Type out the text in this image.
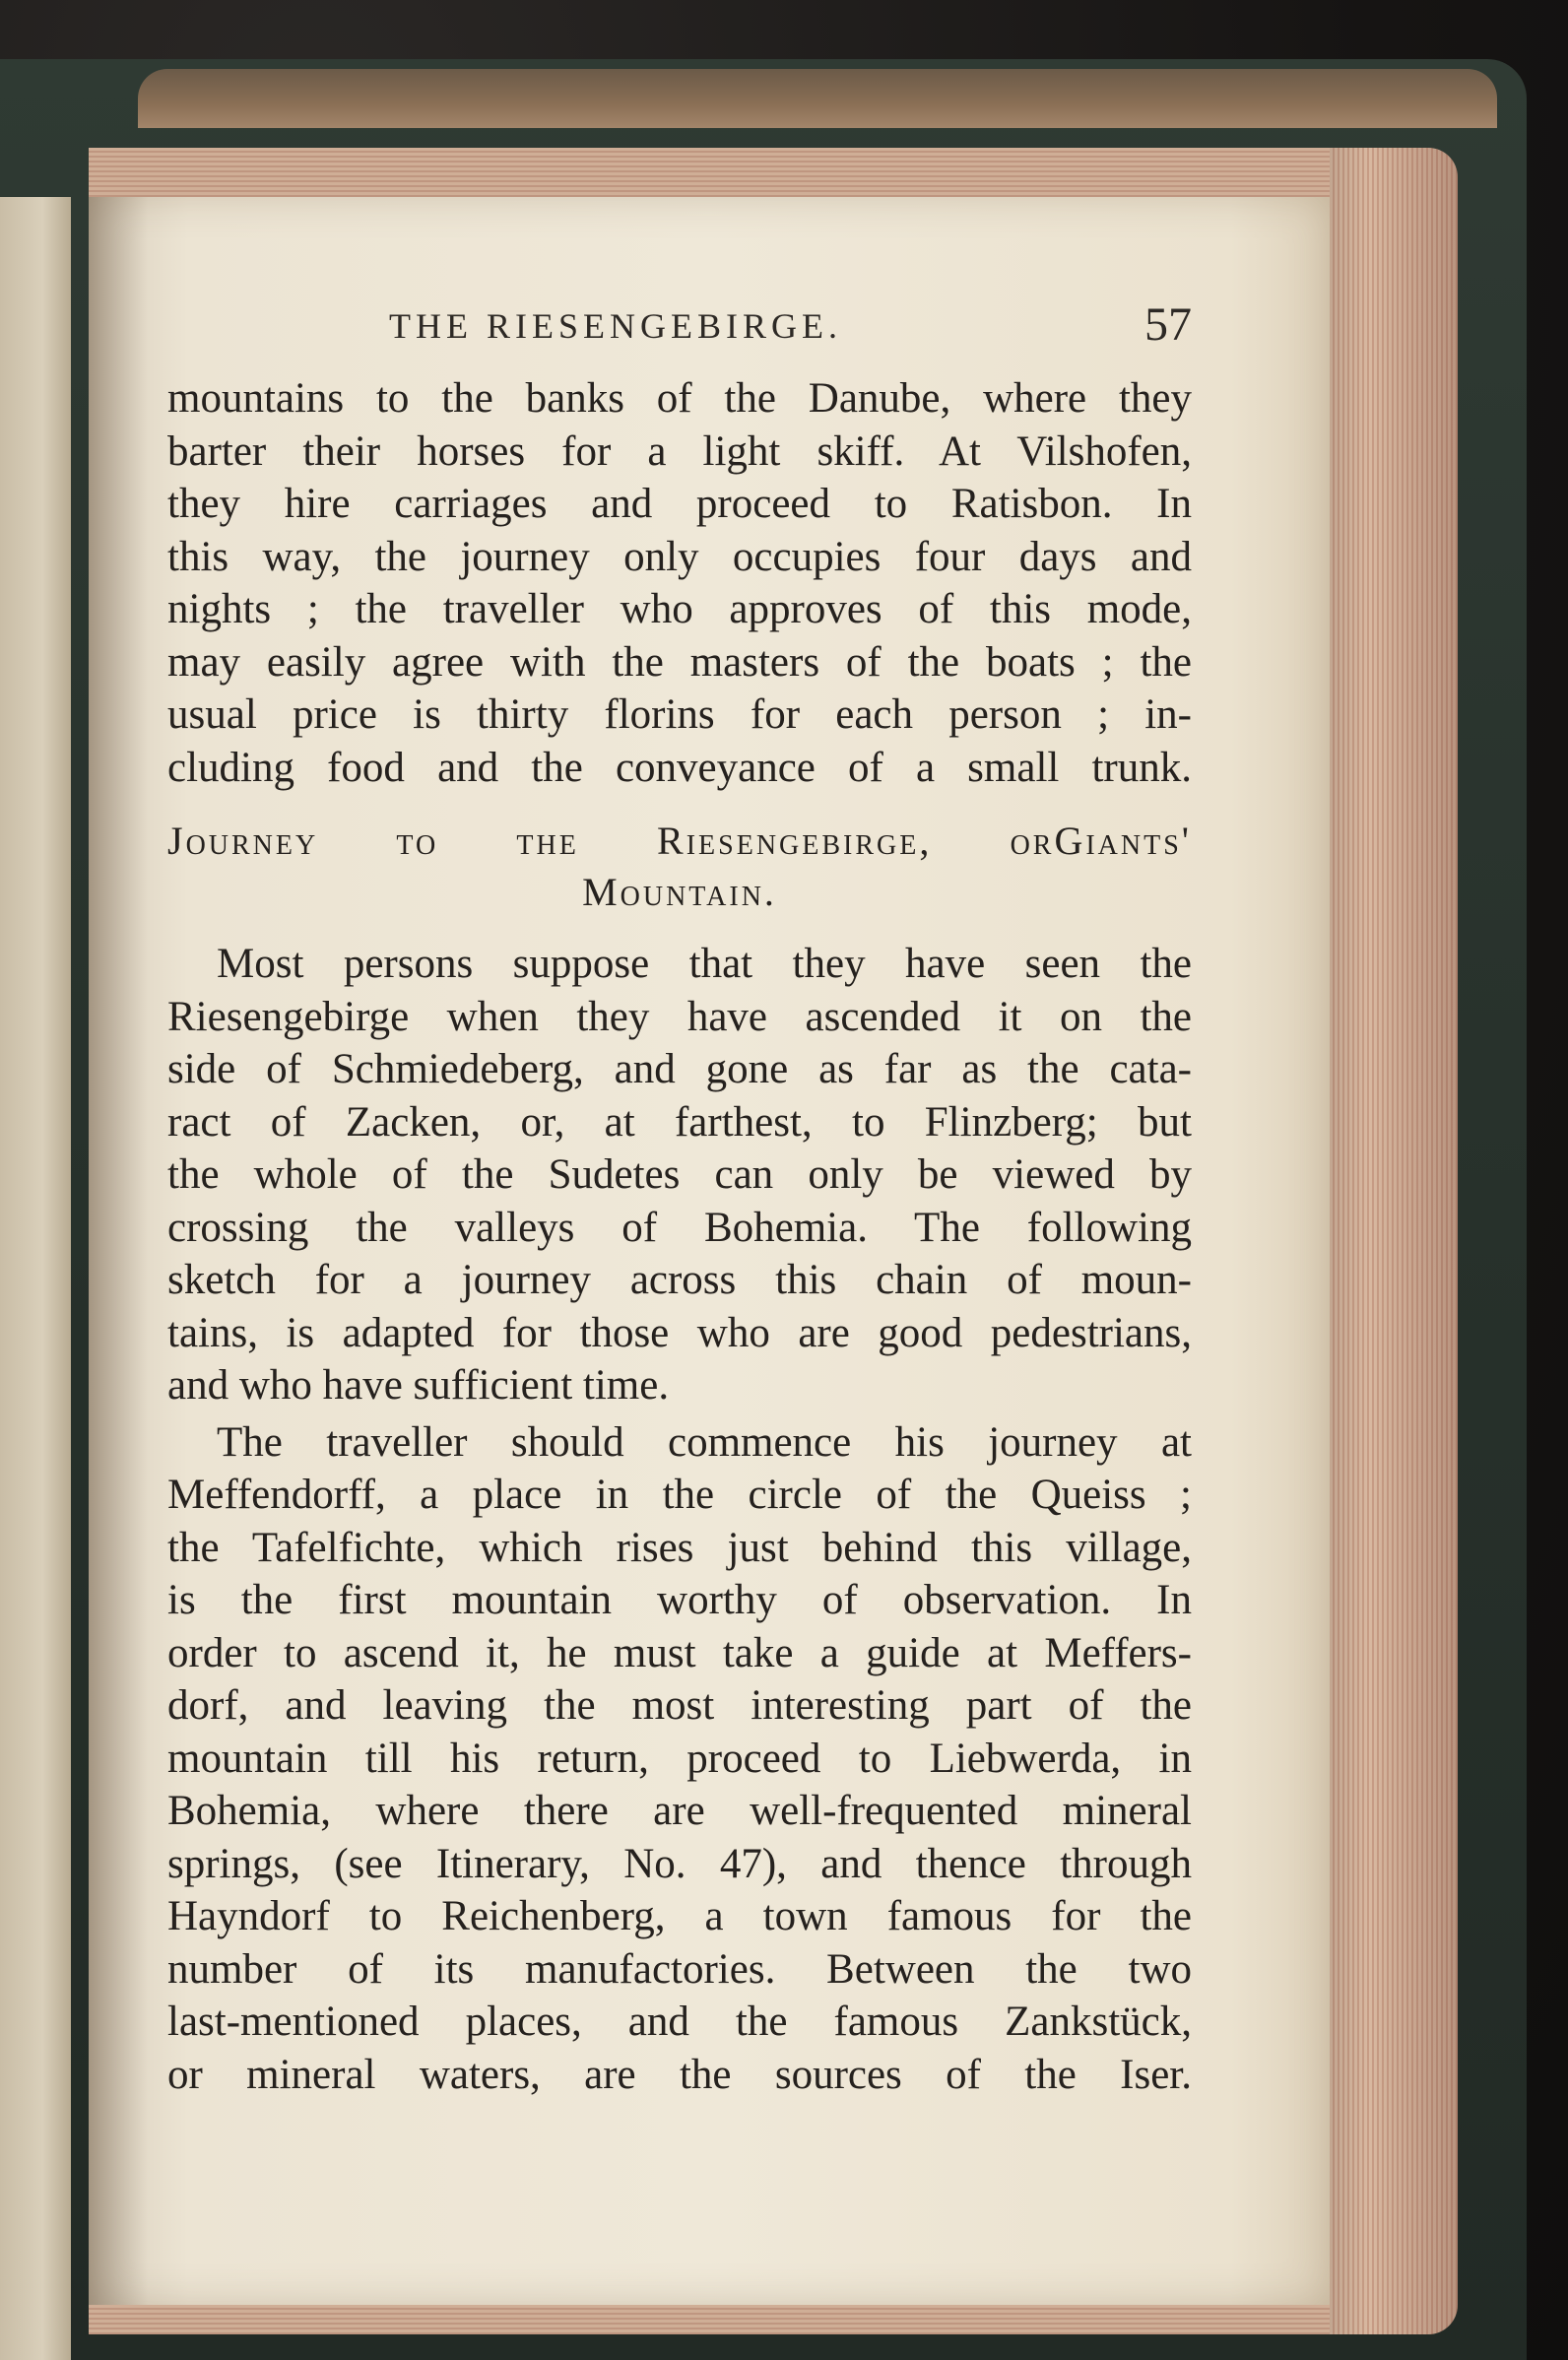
THE RIESENGEBIRGE.	57
mountains to the banks of the Danube, where they
barter their horses for a light skiff. At Vilshofen,
they hire carriages and proceed to Ratisbon. In
this way, the journey only occupies four days and
nights ; the traveller who approves of this mode,
may easily agree with the masters of the boats ; the
usual price is thirty florins for each person ; in-
cluding food and the conveyance of a small trunk.
Journey to the Riesengebirge, orGiants'
Mountain.
Most persons suppose that they have seen the
Riesengebirge when they have ascended it on the
side of Schmiedeberg, and gone as far as the cata-
ract of Zacken, or, at farthest, to Flinzberg; but
the whole of the Sudetes can only be viewed by
crossing the valleys of Bohemia. The following
sketch for a journey across this chain of moun-
tains, is adapted for those who are good pedestrians,
and who have sufficient time.
The traveller should commence his journey at
Meffendorff, a place in the circle of the Queiss ;
the Tafelfichte, which rises just behind this village,
is the first mountain worthy of observation. In
order to ascend it, he must take a guide at Meffers-
dorf, and leaving the most interesting part of the
mountain till his return, proceed to Liebwerda, in
Bohemia, where there are well-frequented mineral
springs, (see Itinerary, No. 47), and thence through
Hayndorf to Reichenberg, a town famous for the
number of its manufactories. Between the two
last-mentioned places, and the famous Zankstück,
or mineral waters, are the sources of the Iser.
